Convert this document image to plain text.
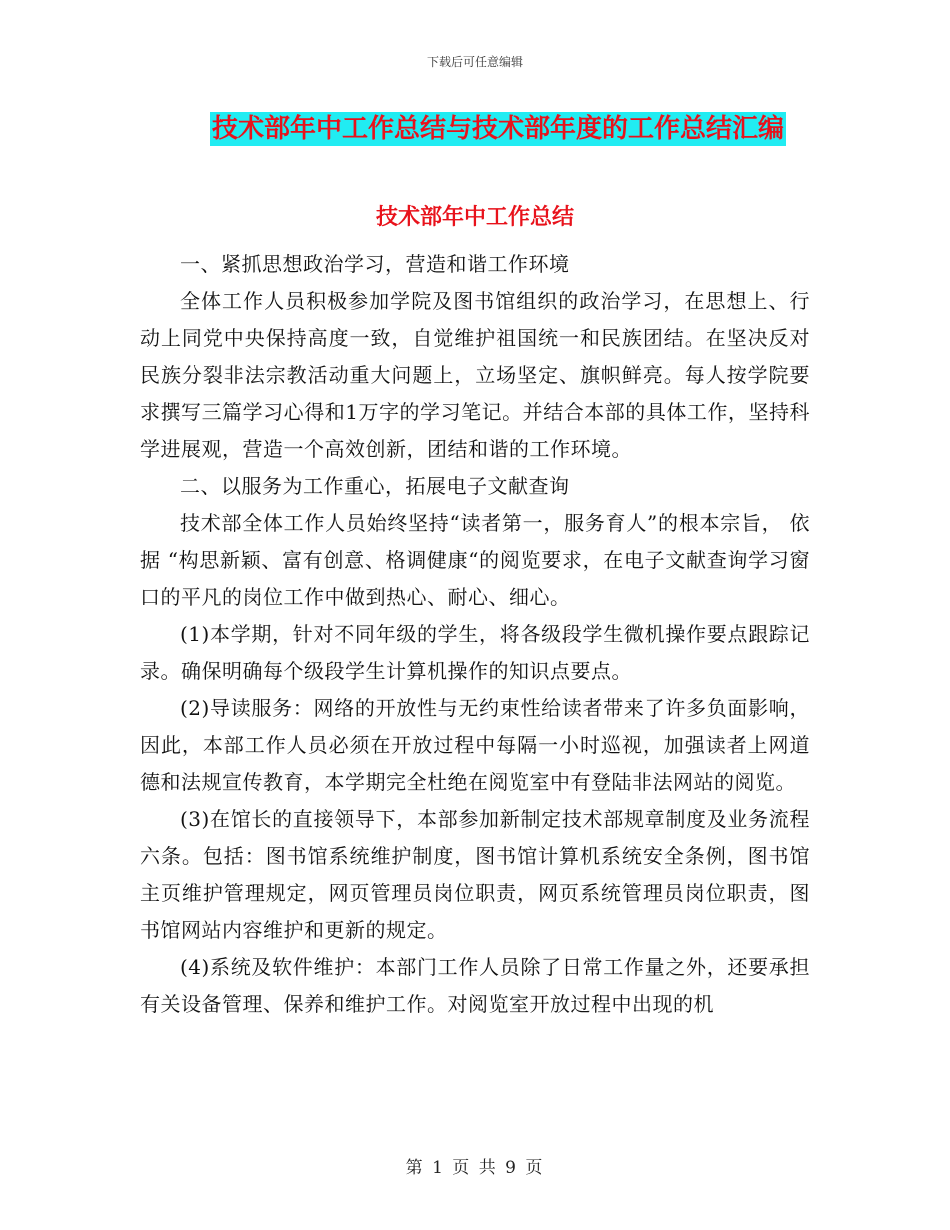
下载后可任意编辑
技术部年中工作总结与技术部年度的工作总结汇编
技术部年中工作总结

一、紧抓思想政治学习，营造和谐工作环境

全体工作人员积极参加学院及图书馆组织的政治学习，在思想上、行动上同党中央保持高度一致，自觉维护祖国统一和民族团结。在坚决反对民族分裂非法宗教活动重大问题上，立场坚定、旗帜鲜亮。每人按学院要求撰写三篇学习心得和1万字的学习笔记。并结合本部的具体工作，坚持科学进展观，营造一个高效创新，团结和谐的工作环境。

二、以服务为工作重心，拓展电子文献查询

技术部全体工作人员始终坚持“读者第一，服务育人”的根本宗旨， 依据 “构思新颖、富有创意、格调健康“的阅览要求，在电子文献查询学习窗口的平凡的岗位工作中做到热心、耐心、细心。

(1)本学期，针对不同年级的学生，将各级段学生微机操作要点跟踪记录。确保明确每个级段学生计算机操作的知识点要点。

(2)导读服务：网络的开放性与无约束性给读者带来了许多负面影响，因此，本部工作人员必须在开放过程中每隔一小时巡视，加强读者上网道德和法规宣传教育，本学期完全杜绝在阅览室中有登陆非法网站的阅览。

(3)在馆长的直接领导下，本部参加新制定技术部规章制度及业务流程六条。包括：图书馆系统维护制度，图书馆计算机系统安全条例，图书馆主页维护管理规定，网页管理员岗位职责，网页系统管理员岗位职责，图书馆网站内容维护和更新的规定。

(4)系统及软件维护：本部门工作人员除了日常工作量之外，还要承担有关设备管理、保养和维护工作。对阅览室开放过程中出现的机

第 1 页 共 9 页
